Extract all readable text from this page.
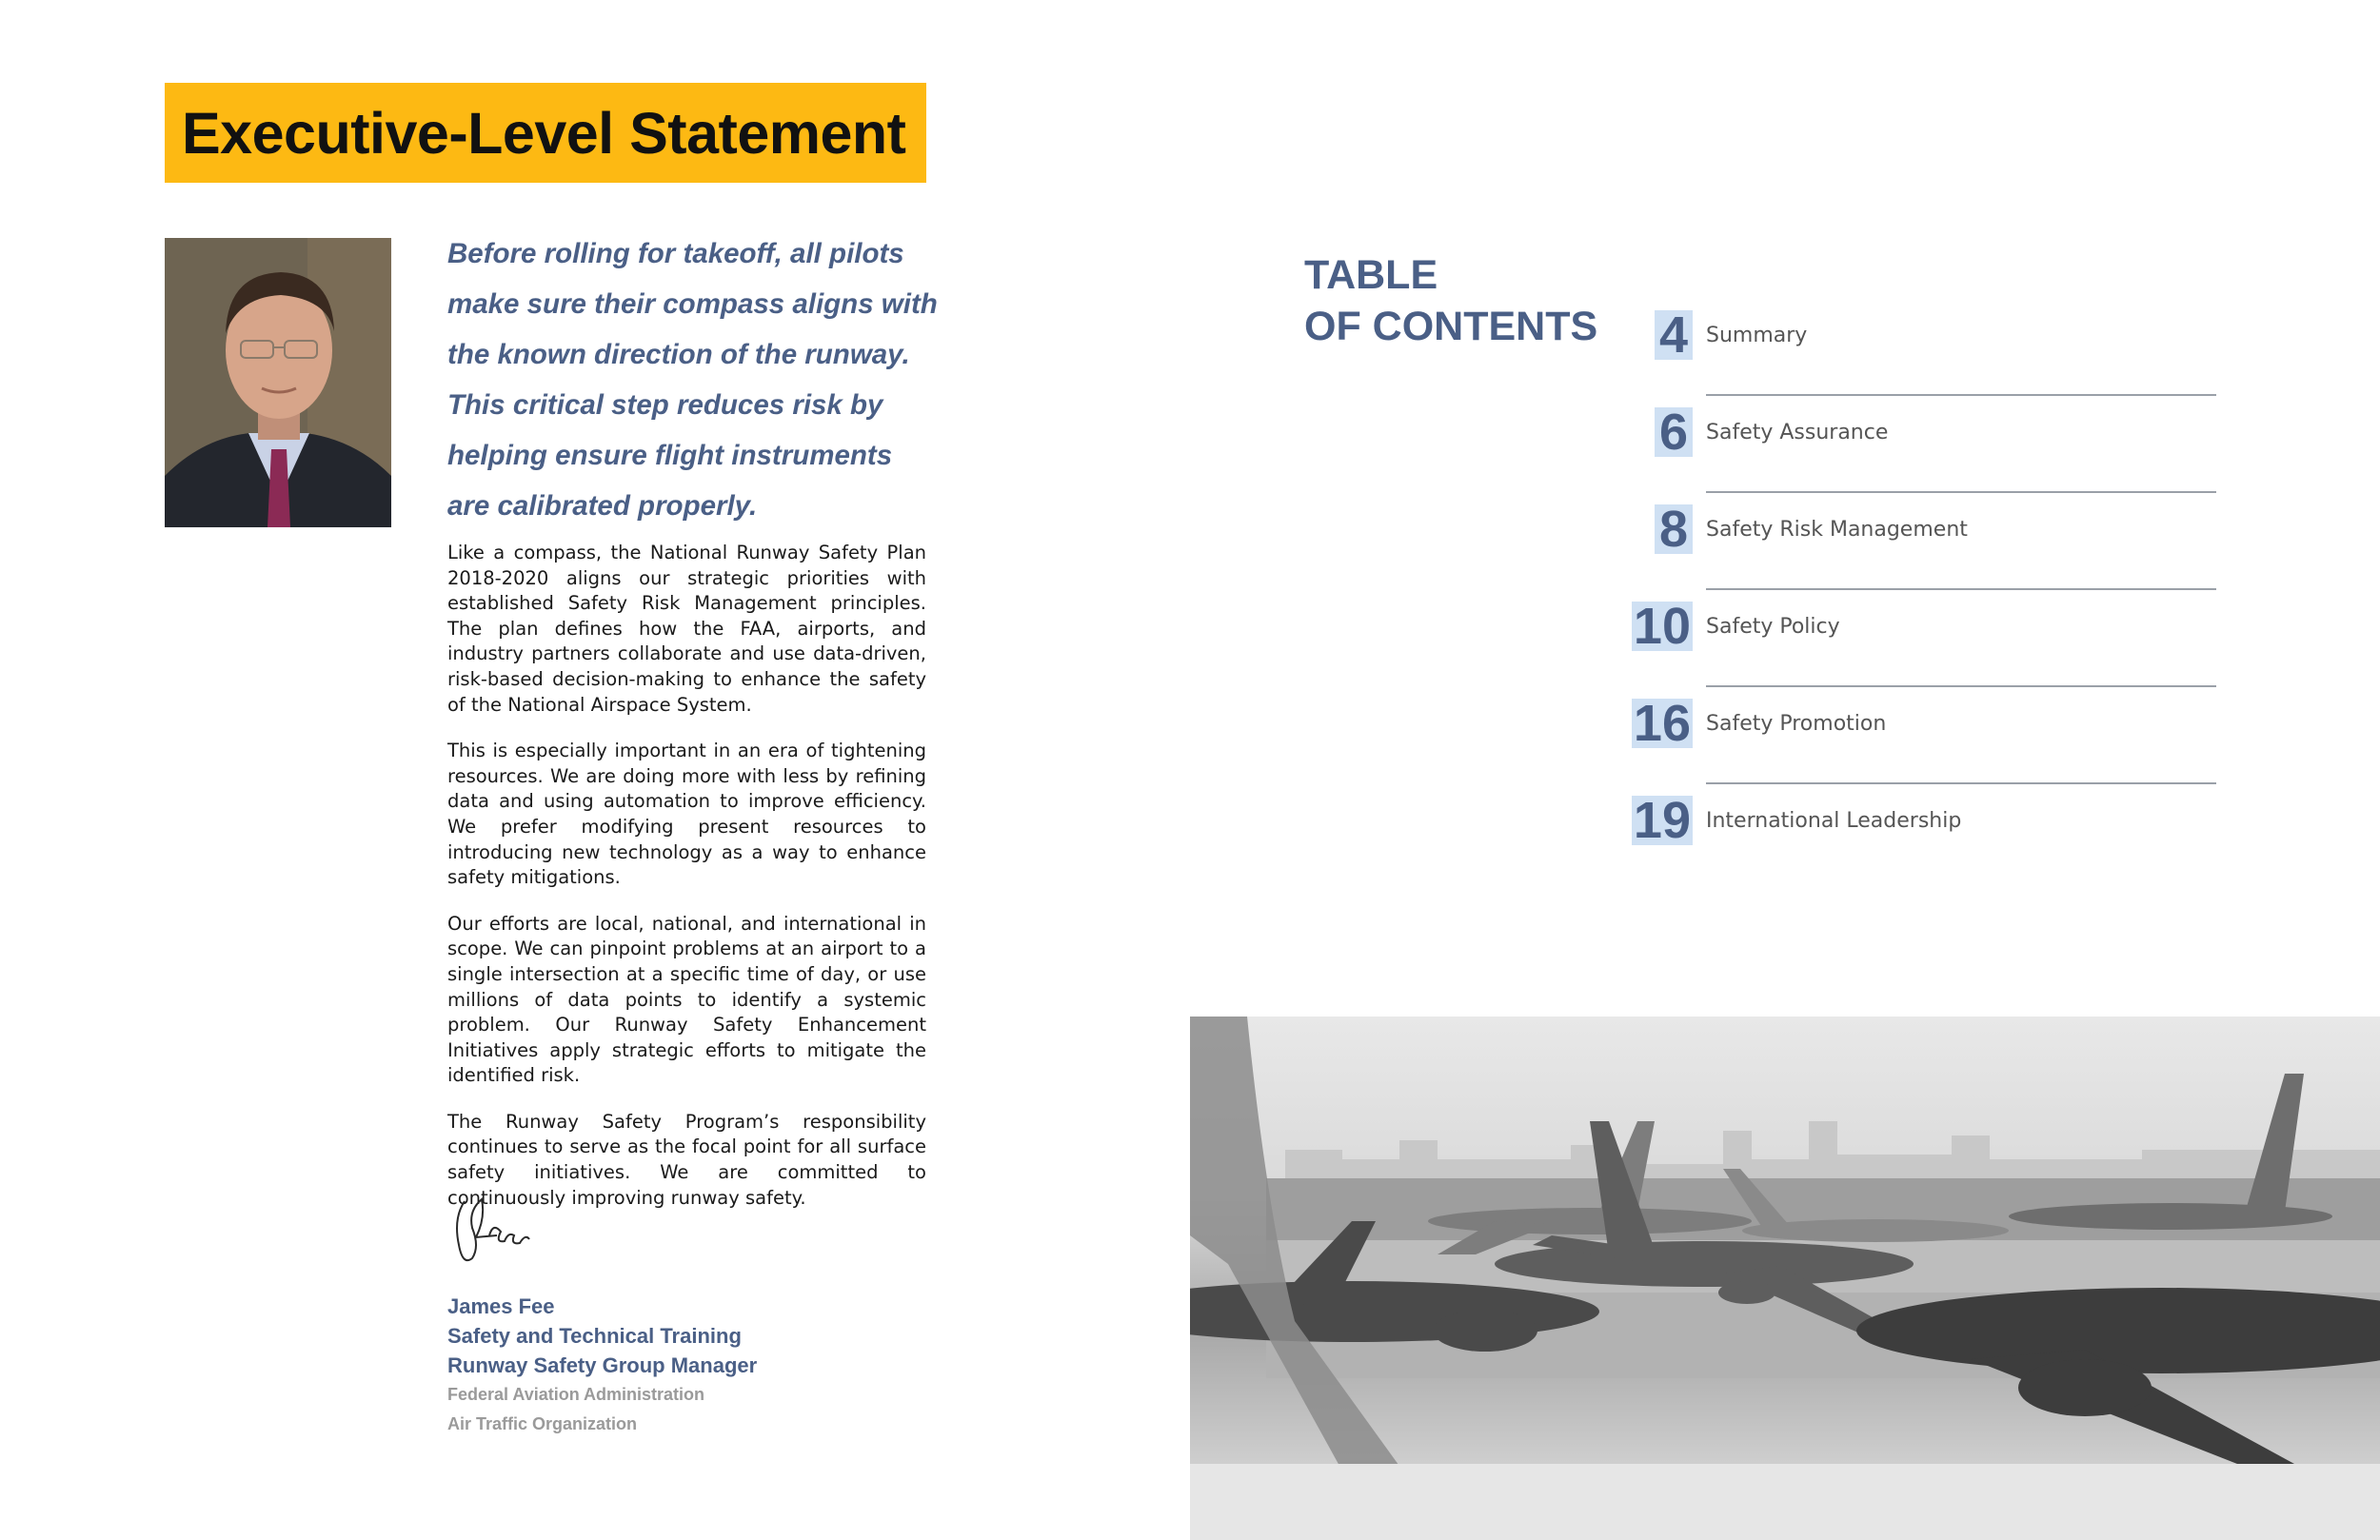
Executive-Level Statement
Before rolling for takeoff, all pilots
make sure their compass aligns with
the known direction of the runway.
This critical step reduces risk by
helping ensure flight instruments
are calibrated properly.

Like a compass, the National Runway Safety Plan 2018-2020 aligns our strategic priorities with established Safety Risk Management principles. The plan defines how the FAA, airports, and industry partners collaborate and use data-driven, risk-based decision-making to enhance the safety of the National Airspace System.

This is especially important in an era of tightening resources. We are doing more with less by refining data and using automation to improve efficiency. We prefer modifying present resources to introducing new technology as a way to enhance safety mitigations.

Our efforts are local, national, and international in scope. We can pinpoint problems at an airport to a single intersection at a specific time of day, or use millions of data points to identify a systemic problem. Our Runway Safety Enhancement Initiatives apply strategic efforts to mitigate the identified risk.

The Runway Safety Program’s responsibility continues to serve as the focal point for all surface safety initiatives. We are committed to continuously improving runway safety.

James Fee
Safety and Technical Training
Runway Safety Group Manager
Federal Aviation Administration
Air Traffic Organization
TABLE
OF CONTENTS 4 Summary
6 Safety Assurance
8 Safety Risk Management
10 Safety Policy
16 Safety Promotion
19 International Leadership
